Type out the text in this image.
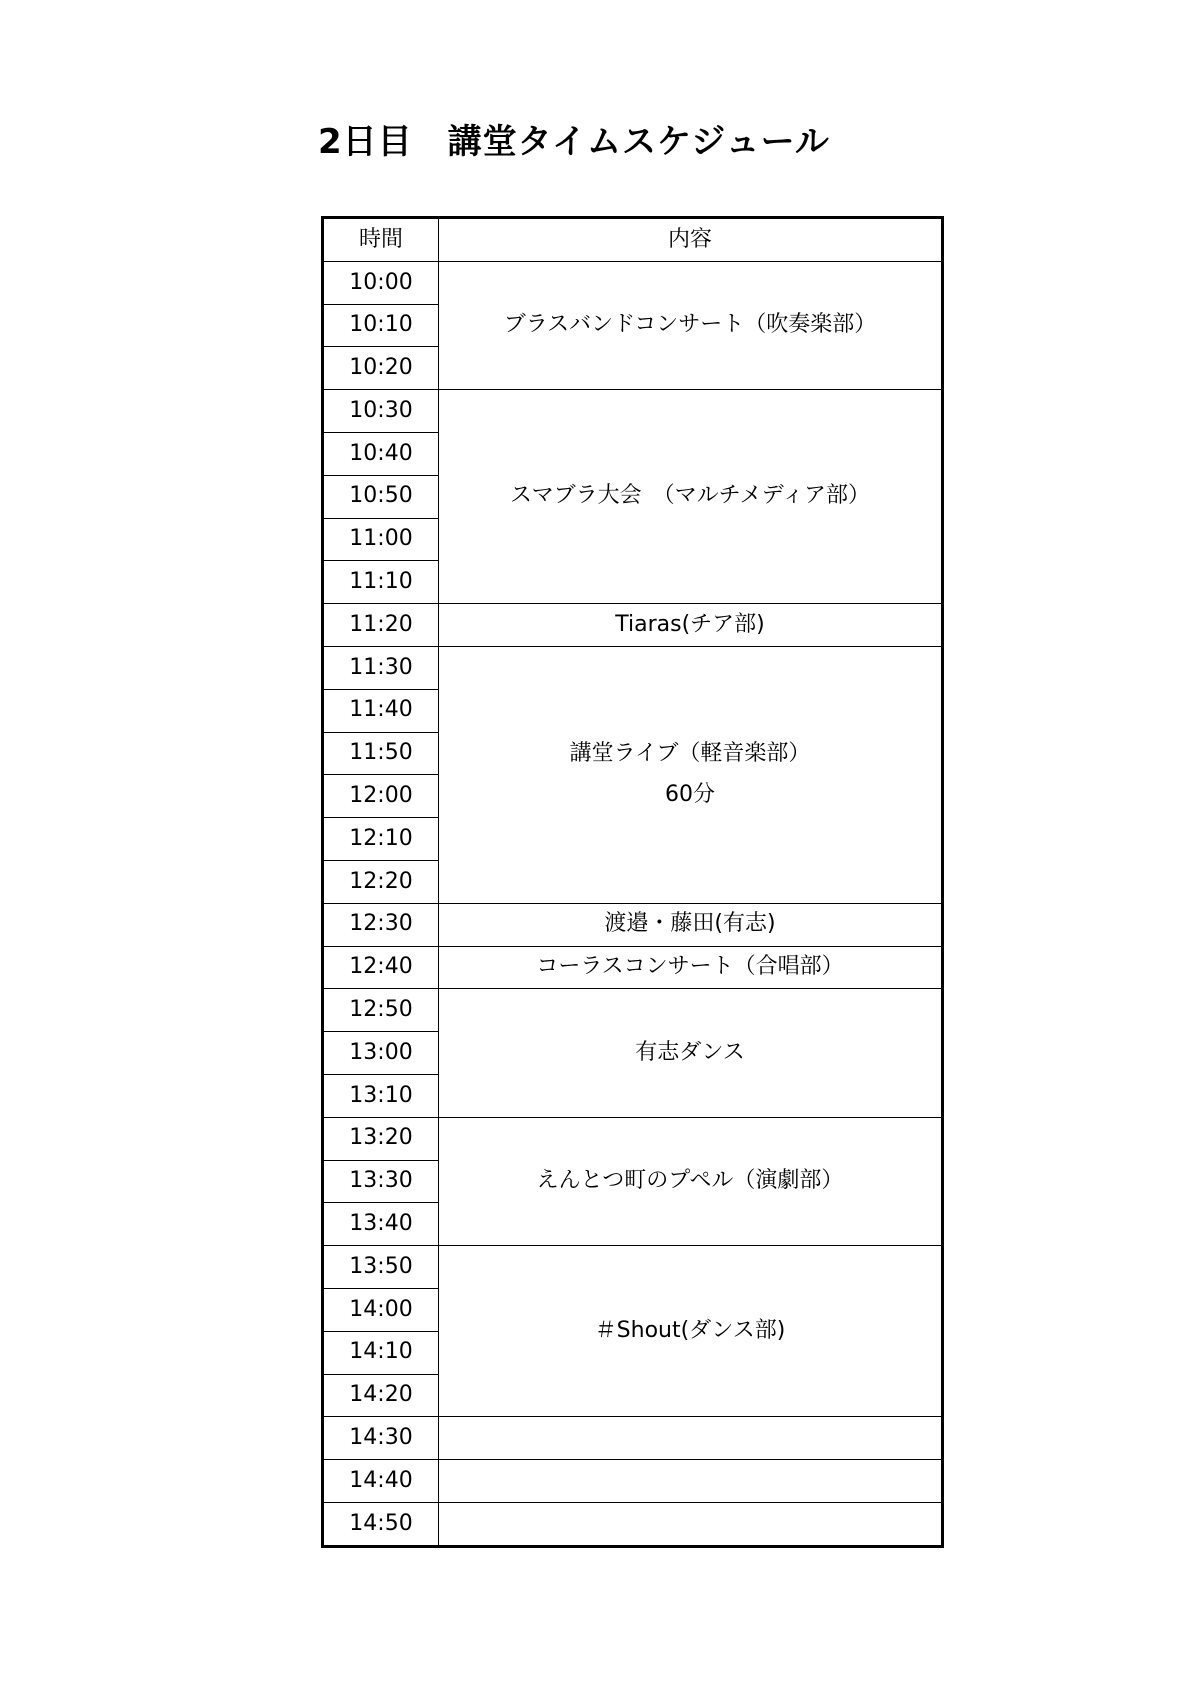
2日目　講堂タイムスケジュール
時間	内容
10:00	ブラスバンドコンサート（吹奏楽部）

10:10	
10:20	
10:30	スマブラ大会　（マルチメディア部）

10:40	
10:50	
11:00	
11:10	
11:20	Tiaras(チア部)

11:30	講堂ライブ（軽音楽部）
60分

11:40	
11:50	
12:00	
12:10	
12:20	
12:30	渡邉・藤田(有志)

12:40	コーラスコンサート（合唱部）

12:50	有志ダンス

13:00	
13:10	
13:20	えんとつ町のプペル（演劇部）

13:30	
13:40	
13:50	＃Shout(ダンス部)

14:00	
14:10	
14:20	
14:30	

14:40	

14:50	
